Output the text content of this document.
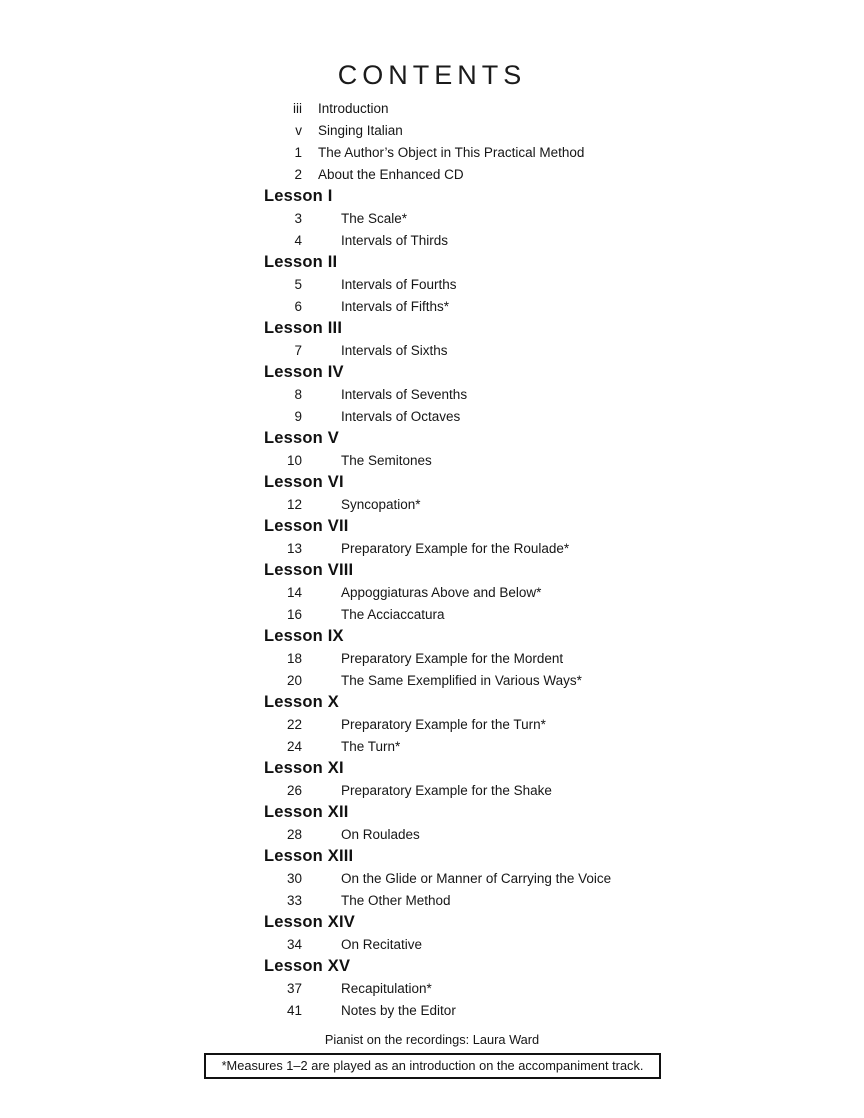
CONTENTS
iii Introduction
v Singing Italian
1 The Author’s Object in This Practical Method
2 About the Enhanced CD
Lesson I
3	The Scale*
4	Intervals of Thirds
Lesson II
5	Intervals of Fourths
6	Intervals of Fifths*
Lesson III
7	Intervals of Sixths
Lesson IV
8	Intervals of Sevenths
9	Intervals of Octaves
Lesson V
10	The Semitones
Lesson VI
12	Syncopation*
Lesson VII
13	Preparatory Example for the Roulade*
Lesson VIII
14	Appoggiaturas Above and Below*
16	The Acciaccatura
Lesson IX
18	Preparatory Example for the Mordent
20	The Same Exemplified in Various Ways*
Lesson X
22	Preparatory Example for the Turn*
24	The Turn*
Lesson XI
26	Preparatory Example for the Shake
Lesson XII
28	On Roulades
Lesson XIII
30	On the Glide or Manner of Carrying the Voice
33	The Other Method
Lesson XIV
34	On Recitative
Lesson XV
37	Recapitulation*
41	Notes by the Editor
Pianist on the recordings: Laura Ward
*Measures 1–2 are played as an introduction on the accompaniment track.
